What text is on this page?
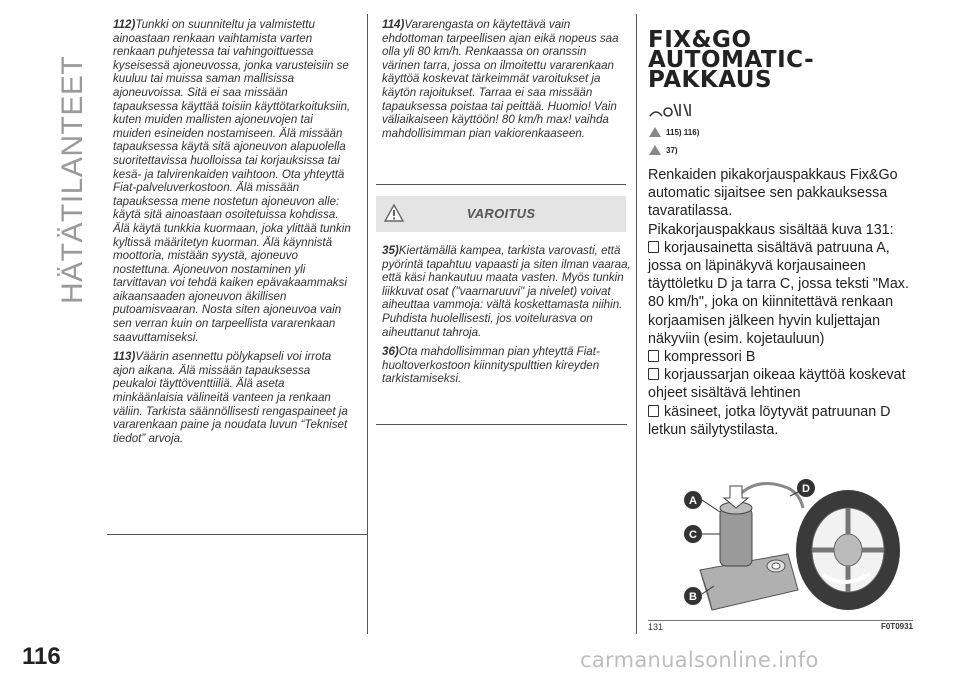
HÄTÄTILANTEET
116

112)Tunkki on suunniteltu ja valmistettu ainoastaan renkaan vaihtamista varten renkaan puhjetessa tai vahingoittuessa kyseisessä ajoneuvossa, jonka varusteisiin se kuuluu tai muissa saman mallisissa ajoneuvoissa. Sitä ei saa missään tapauksessa käyttää toisiin käyttötarkoituksiin, kuten muiden mallisten ajoneuvojen tai muiden esineiden nostamiseen. Älä missään tapauksessa käytä sitä ajoneuvon alapuolella suoritettavissa huolloissa tai korjauksissa tai kesä- ja talvirenkaiden vaihtoon. Ota yhteyttä Fiat-palveluverkostoon. Älä missään tapauksessa mene nostetun ajoneuvon alle: käytä sitä ainoastaan osoitetuissa kohdissa. Älä käytä tunkkia kuormaan, joka ylittää tunkin kyltissä määritetyn kuorman. Älä käynnistä moottoria, mistään syystä, ajoneuvo nostettuna. Ajoneuvon nostaminen yli tarvittavan voi tehdä kaiken epävakaammaksi aikaansaaden ajoneuvon äkillisen putoamisvaaran. Nosta siten ajoneuvoa vain sen verran kuin on tarpeellista vararenkaan saavuttamiseksi.

113)Väärin asennettu pölykapseli voi irrota ajon aikana. Älä missään tapauksessa peukaloi täyttöventtiiliä. Älä aseta minkäänlaisia välineitä vanteen ja renkaan väliin. Tarkista säännöllisesti rengaspaineet ja vararenkaan paine ja noudata luvun “Tekniset tiedot” arvoja.

114)Vararengasta on käytettävä vain ehdottoman tarpeellisen ajan eikä nopeus saa olla yli 80 km/h. Renkaassa on oranssin värinen tarra, jossa on ilmoitettu vararenkaan käyttöä koskevat tärkeimmät varoitukset ja käytön rajoitukset. Tarraa ei saa missään tapauksessa poistaa tai peittää. Huomio! Vain väliaikaiseen käyttöön! 80 km/h max! vaihda mahdollisimman pian vakiorenkaaseen.

VAROITUS

35)Kiertämällä kampea, tarkista varovasti, että pyörintä tapahtuu vapaasti ja siten ilman vaaraa, että käsi hankautuu maata vasten. Myös tunkin liikkuvat osat ("vaarnaruuvi" ja nivelet) voivat aiheuttaa vammoja: vältä koskettamasta niihin. Puhdista huolellisesti, jos voitelurasva on aiheuttanut tahroja.

36)Ota mahdollisimman pian yhteyttä Fiat-huoltoverkostoon kiinnityspulttien kireyden tarkistamiseksi.

FIX&GO
AUTOMATIC-
PAKKAUS
115) 116)
37)

Renkaiden pikakorjauspakkaus Fix&Go automatic sijaitsee sen pakkauksessa tavaratilassa.

Pikakorjauspakkaus sisältää kuva 131:

korjausainetta sisältävä patruuna A, jossa on läpinäkyvä korjausaineen täyttöletku D ja tarra C, jossa teksti "Max. 80 km/h", joka on kiinnitettävä renkaan korjaamisen jälkeen hyvin kuljettajan näkyviin (esim. kojetauluun)

kompressori B

korjaussarjan oikeaa käyttöä koskevat ohjeet sisältävä lehtinen

käsineet, jotka löytyvät patruunan D letkun säilytystilasta.

A
B
C
D
131	F0T0931
carmanualsonline.info
